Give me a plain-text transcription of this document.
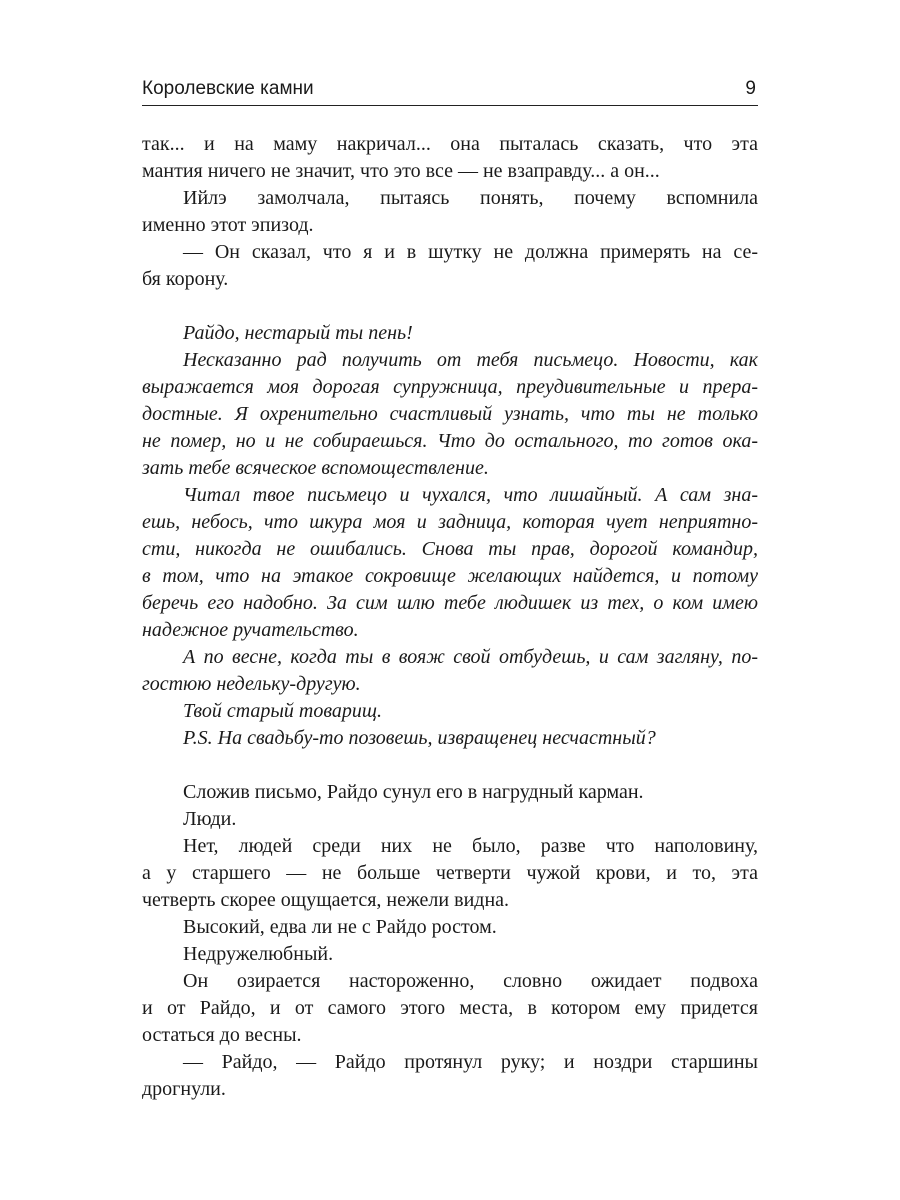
Королевские камни	9

так... и на маму накричал... она пыталась сказать, что эта

мантия ничего не значит, что это все — не взаправду... а он...

Ийлэ замолчала, пытаясь понять, почему вспомнила

именно этот эпизод.

— Он сказал, что я и в шутку не должна примерять на се-

бя корону.

Райдо, нестарый ты пень!

Несказанно рад получить от тебя письмецо. Новости, как

выражается моя дорогая супружница, преудивительные и прера-

достные. Я охренительно счастливый узнать, что ты не только

не помер, но и не собираешься. Что до остального, то готов ока-

зать тебе всяческое вспомоществление.

Читал твое письмецо и чухался, что лишайный. А сам зна-

ешь, небось, что шкура моя и задница, которая чует неприятно-

сти, никогда не ошибались. Снова ты прав, дорогой командир,

в том, что на этакое сокровище желающих найдется, и потому

беречь его надобно. За сим шлю тебе людишек из тех, о ком имею

надежное ручательство.

А по весне, когда ты в вояж свой отбудешь, и сам загляну, по-

гостюю недельку-другую.

Твой старый товарищ.

P.S. На свадьбу-то позовешь, извращенец несчастный?

Сложив письмо, Райдо сунул его в нагрудный карман.

Люди.

Нет, людей среди них не было, разве что наполовину,

а у старшего — не больше четверти чужой крови, и то, эта

четверть скорее ощущается, нежели видна.

Высокий, едва ли не с Райдо ростом.

Недружелюбный.

Он озирается настороженно, словно ожидает подвоха

и от Райдо, и от самого этого места, в котором ему придется

остаться до весны.

— Райдо, — Райдо протянул руку; и ноздри старшины

дрогнули.
